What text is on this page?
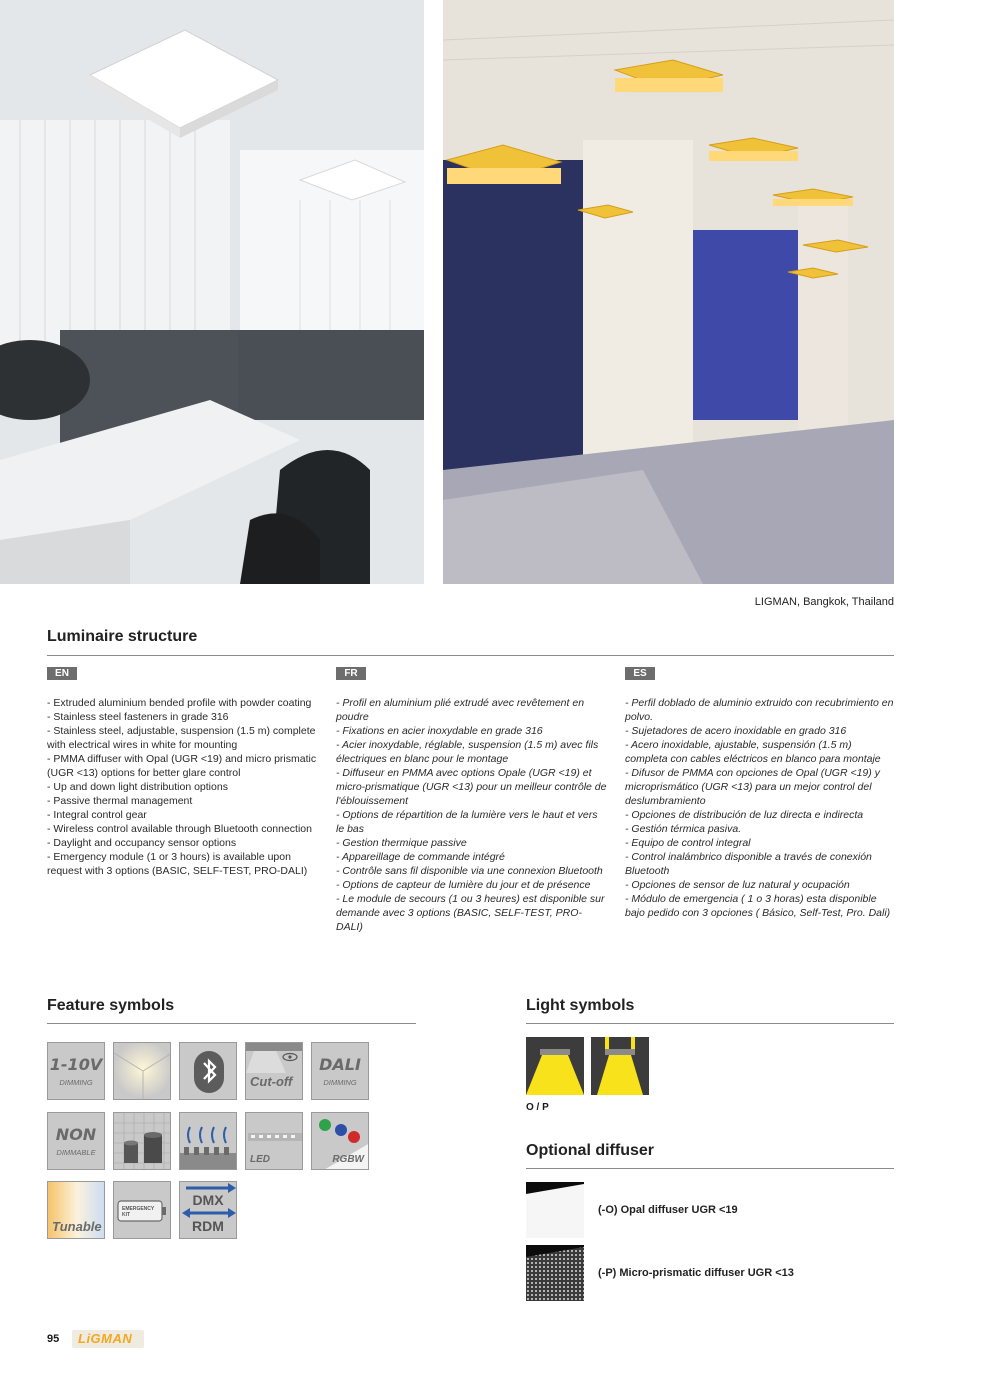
LIGMAN, Bangkok, Thailand
Luminaire structure
EN	FR	ES
- Extruded aluminium bended profile with powder coating
- Stainless steel fasteners in grade 316
- Stainless steel, adjustable, suspension (1.5 m) complete with electrical wires in white for mounting
- PMMA diffuser with Opal (UGR <19) and micro prismatic (UGR <13) options for better glare control
- Up and down light distribution options
- Passive thermal management
- Integral control gear
- Wireless control available through Bluetooth connection
- Daylight and occupancy sensor options
- Emergency module (1 or 3 hours) is available upon request with 3 options (BASIC, SELF-TEST, PRO-DALI)
- Profil en aluminium plié extrudé avec revêtement en poudre
- Fixations en acier inoxydable en grade 316
- Acier inoxydable, réglable, suspension (1.5 m) avec fils électriques en blanc pour le montage
- Diffuseur en PMMA avec options Opale (UGR <19) et micro-prismatique (UGR <13) pour un meilleur contrôle de l'éblouissement
- Options de répartition de la lumière vers le haut et vers le bas
- Gestion thermique passive
- Appareillage de commande intégré
- Contrôle sans fil disponible via une connexion Bluetooth
- Options de capteur de lumière du jour et de présence
- Le module de secours (1 ou 3 heures) est disponible sur demande avec 3 options (BASIC, SELF-TEST, PRO-DALI)
- Perfil doblado de aluminio extruido con recubrimiento en polvo.
- Sujetadores de acero inoxidable en grado 316
- Acero inoxidable, ajustable, suspensión (1.5 m) completa con cables eléctricos en blanco para montaje
- Difusor de PMMA con opciones de Opal (UGR <19) y microprismático (UGR <13) para un mejor control del deslumbramiento
- Opciones de distribución de luz directa e indirecta
- Gestión térmica pasiva.
- Equipo de control integral
- Control inalámbrico disponible a través de conexión Bluetooth
- Opciones de sensor de luz natural y ocupación
- Módulo de emergencia ( 1 o 3 horas) esta disponible bajo pedido con 3 opciones ( Básico, Self-Test, Pro. Dali)
Feature symbols
1-10V
DIMMING	Cut-off
DALI
DIMMING
NON
DIMMABLE
LED	RGBW
Tunable
EMERGENCY KIT
DMX
RDM
Light symbols
O / P
Optional diffuser
(-O) Opal diffuser UGR <19
(-P) Micro-prismatic diffuser UGR <13
95 LiGMAN
